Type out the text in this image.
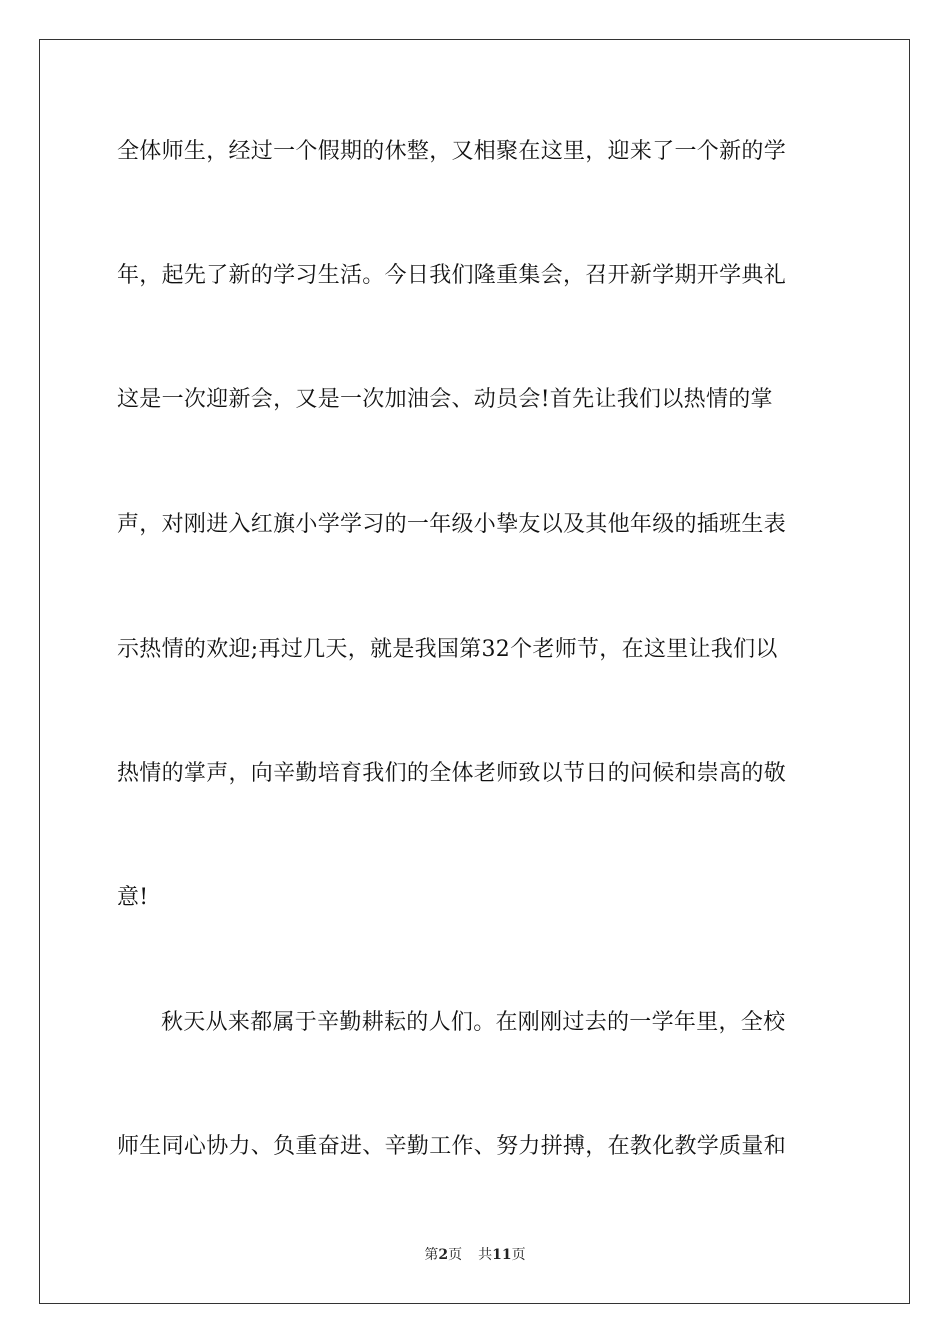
全体师生，经过一个假期的休整，又相聚在这里，迎来了一个新的学
年，起先了新的学习生活。今日我们隆重集会，召开新学期开学典礼
这是一次迎新会，又是一次加油会、动员会!首先让我们以热情的掌
声，对刚进入红旗小学学习的一年级小挚友以及其他年级的插班生表
示热情的欢迎;再过几天，就是我国第32个老师节，在这里让我们以
热情的掌声，向辛勤培育我们的全体老师致以节日的问候和崇高的敬
意!
秋天从来都属于辛勤耕耘的人们。在刚刚过去的一学年里，全校
师生同心协力、负重奋进、辛勤工作、努力拼搏，在教化教学质量和
第2页 共11页
